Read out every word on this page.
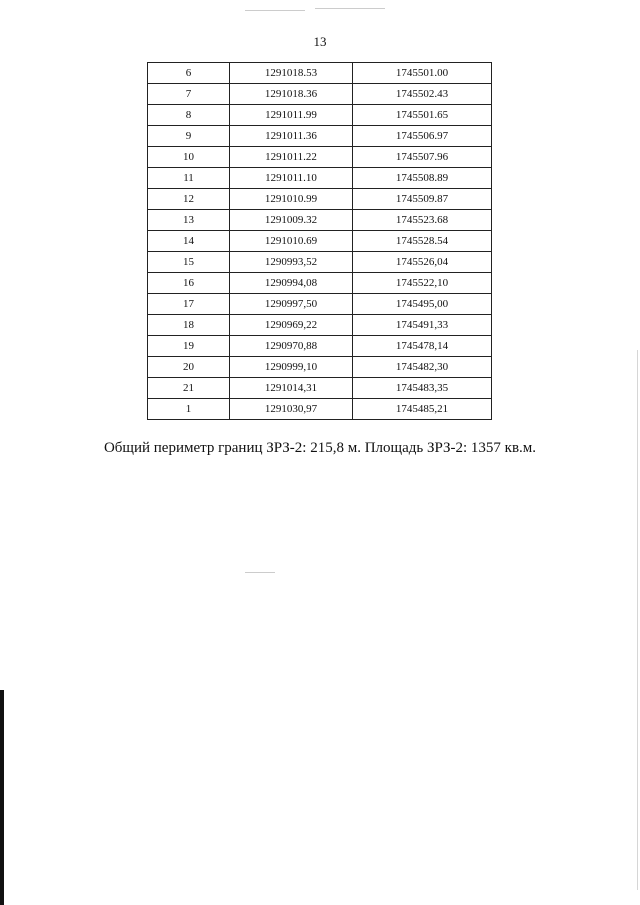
13
6	1291018.53	1745501.00
7	1291018.36	1745502.43
8	1291011.99	1745501.65
9	1291011.36	1745506.97
10	1291011.22	1745507.96
11	1291011.10	1745508.89
12	1291010.99	1745509.87
13	1291009.32	1745523.68
14	1291010.69	1745528.54
15	1290993,52	1745526,04
16	1290994,08	1745522,10
17	1290997,50	1745495,00
18	1290969,22	1745491,33
19	1290970,88	1745478,14
20	1290999,10	1745482,30
21	1291014,31	1745483,35
1	1291030,97	1745485,21
Общий периметр границ ЗРЗ-2: 215,8 м. Площадь ЗРЗ-2: 1357 кв.м.
